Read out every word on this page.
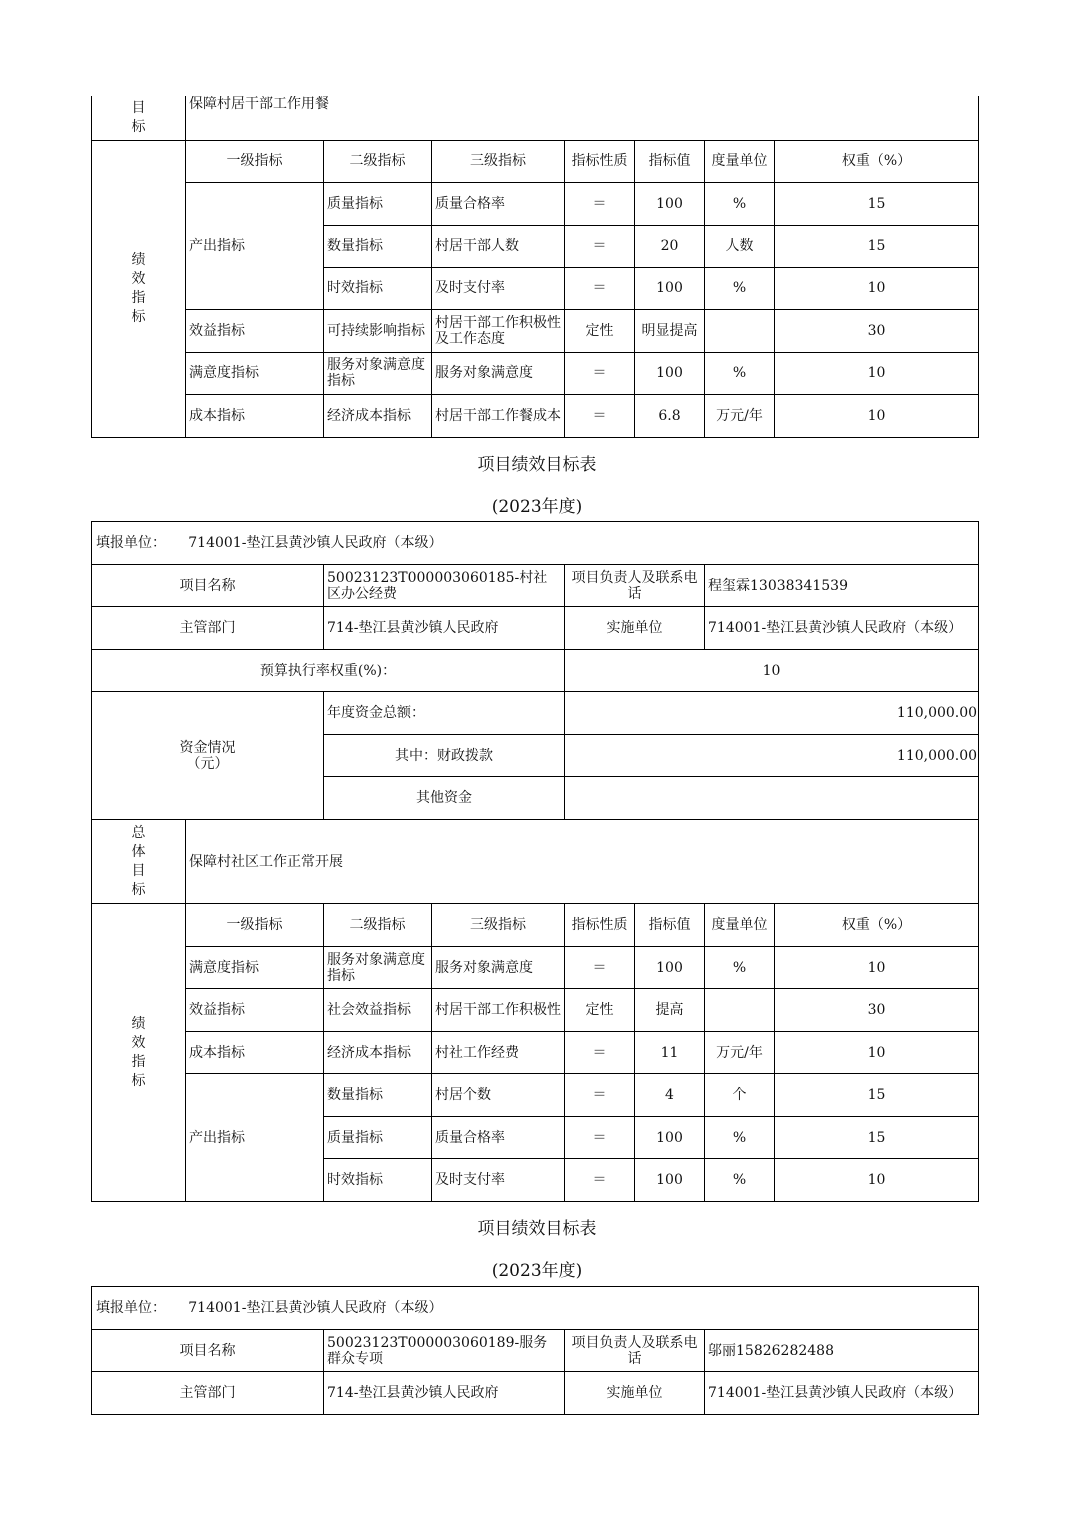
目标	保障村居干部工作用餐						
绩效指标	一级指标	二级指标	三级指标	指标性质	指标值	度量单位	权重（%）
	产出指标	质量指标	质量合格率	＝	100	%	15
		数量指标	村居干部人数	＝	20	人数	15
		时效指标	及时支付率	＝	100	%	10
	效益指标	可持续影响指标	村居干部工作积极性及工作态度	定性	明显提高		30
	满意度指标	服务对象满意度指标	服务对象满意度	＝	100	%	10
	成本指标	经济成本指标	村居干部工作餐成本	＝	6.8	万元/年	10
项目绩效目标表
(2023年度)
填报单位： 714001-垫江县黄沙镇人民政府（本级）							
项目名称		50023123T000003060185-村社区办公经费		项目负责人及联系电话		程玺霖13038341539	
主管部门		714-垫江县黄沙镇人民政府		实施单位		714001-垫江县黄沙镇人民政府（本级）	
预算执行率权重(%)：				10			
资金情况（元）		年度资金总额：		110,000.00			
		其中：财政拨款		110,000.00			
		其他资金					
总体目标	保障村社区工作正常开展						
绩效指标	一级指标	二级指标	三级指标	指标性质	指标值	度量单位	权重（%）
	满意度指标	服务对象满意度指标	服务对象满意度	＝	100	%	10
	效益指标	社会效益指标	村居干部工作积极性	定性	提高		30
	成本指标	经济成本指标	村社工作经费	＝	11	万元/年	10
	产出指标	数量指标	村居个数	＝	4	个	15
		质量指标	质量合格率	＝	100	%	15
		时效指标	及时支付率	＝	100	%	10
项目绩效目标表
(2023年度)
填报单位： 714001-垫江县黄沙镇人民政府（本级）			
项目名称	50023123T000003060189-服务群众专项	项目负责人及联系电话	邬丽15826282488
主管部门	714-垫江县黄沙镇人民政府	实施单位	714001-垫江县黄沙镇人民政府（本级）
